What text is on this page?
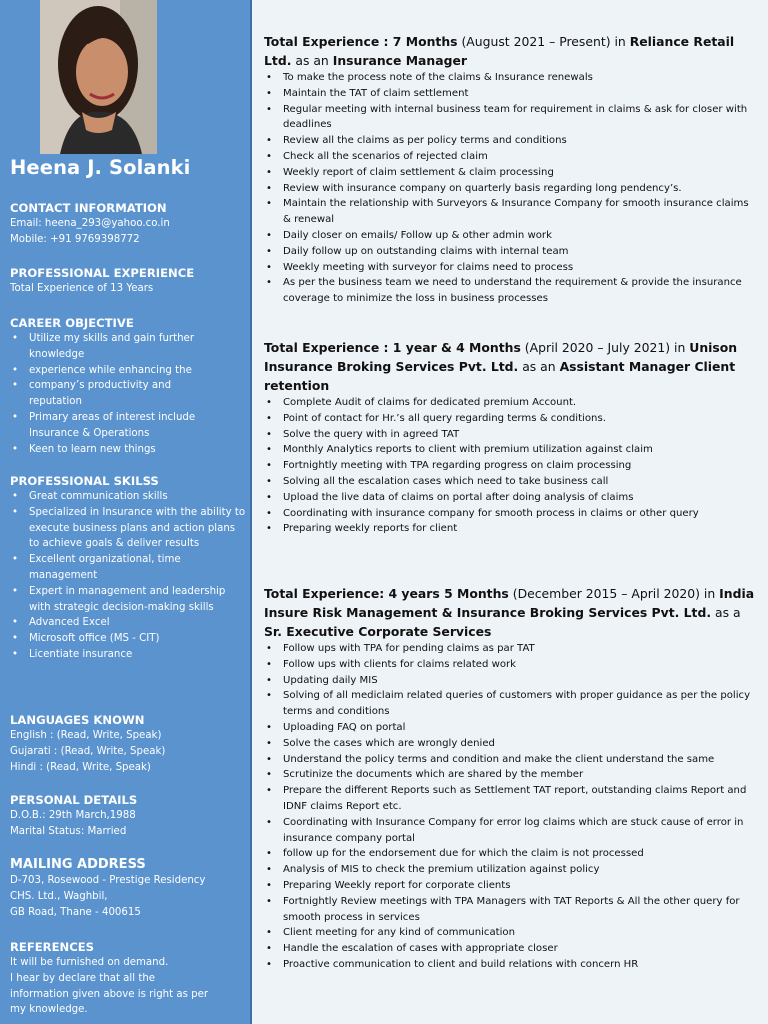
Heena J. Solanki
CONTACT INFORMATION
Email: heena_293@yahoo.co.in
Mobile: +91 9769398772
PROFESSIONAL EXPERIENCE
Total Experience of 13 Years
CAREER OBJECTIVE
• Utilize my skills and gain further knowledge
• experience while enhancing the
• company’s productivity and reputation
• Primary areas of interest include Insurance & Operations
• Keen to learn new things
PROFESSIONAL SKILSS
• Great communication skills
• Specialized in Insurance with the ability to execute business plans and action plans to achieve goals & deliver results
• Excellent organizational, time management
• Expert in management and leadership with strategic decision-making skills
• Advanced Excel
• Microsoft office (MS - CIT)
• Licentiate insurance
LANGUAGES KNOWN
English : (Read, Write, Speak)
Gujarati : (Read, Write, Speak)
Hindi : (Read, Write, Speak)
PERSONAL DETAILS
D.O.B.: 29th March,1988
Marital Status: Married
MAILING ADDRESS
D-703, Rosewood - Prestige Residency
CHS. Ltd., Waghbil,
GB Road, Thane - 400615
REFERENCES
It will be furnished on demand.
I hear by declare that all the
information given above is right as per
my knowledge.
Total Experience : 7 Months (August 2021 – Present) in Reliance Retail Ltd. as an Insurance Manager
• To make the process note of the claims & Insurance renewals
• Maintain the TAT of claim settlement
• Regular meeting with internal business team for requirement in claims & ask for closer with deadlines
• Review all the claims as per policy terms and conditions
• Check all the scenarios of rejected claim
• Weekly report of claim settlement & claim processing
• Review with insurance company on quarterly basis regarding long pendency’s.
• Maintain the relationship with Surveyors & Insurance Company for smooth insurance claims & renewal
• Daily closer on emails/ Follow up & other admin work
• Daily follow up on outstanding claims with internal team
• Weekly meeting with surveyor for claims need to process
• As per the business team we need to understand the requirement & provide the insurance coverage to minimize the loss in business processes
Total Experience : 1 year & 4 Months (April 2020 – July 2021) in Unison Insurance Broking Services Pvt. Ltd. as an Assistant Manager Client retention
• Complete Audit of claims for dedicated premium Account.
• Point of contact for Hr.’s all query regarding terms & conditions.
• Solve the query with in agreed TAT
• Monthly Analytics reports to client with premium utilization against claim
• Fortnightly meeting with TPA regarding progress on claim processing
• Solving all the escalation cases which need to take business call
• Upload the live data of claims on portal after doing analysis of claims
• Coordinating with insurance company for smooth process in claims or other query
• Preparing weekly reports for client
Total Experience: 4 years 5 Months (December 2015 – April 2020) in India Insure Risk Management & Insurance Broking Services Pvt. Ltd. as a Sr. Executive Corporate Services
• Follow ups with TPA for pending claims as par TAT
• Follow ups with clients for claims related work
• Updating daily MIS
• Solving of all mediclaim related queries of customers with proper guidance as per the policy terms and conditions
• Uploading FAQ on portal
• Solve the cases which are wrongly denied
• Understand the policy terms and condition and make the client understand the same
• Scrutinize the documents which are shared by the member
• Prepare the different Reports such as Settlement TAT report, outstanding claims Report and IDNF claims Report etc.
• Coordinating with Insurance Company for error log claims which are stuck cause of error in insurance company portal
• follow up for the endorsement due for which the claim is not processed
• Analysis of MIS to check the premium utilization against policy
• Preparing Weekly report for corporate clients
• Fortnightly Review meetings with TPA Managers with TAT Reports & All the other query for smooth process in services
• Client meeting for any kind of communication
• Handle the escalation of cases with appropriate closer
• Proactive communication to client and build relations with concern HR
